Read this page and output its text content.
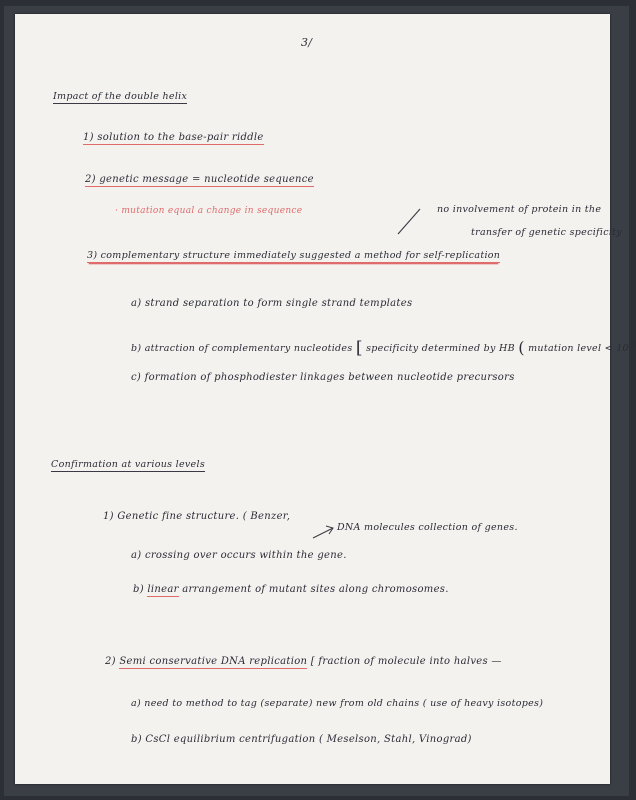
3/
Impact of the double helix
1) solution to the base-pair riddle
2) genetic message = nucleotide sequence
· mutation equal a change in sequence	no involvement of protein in the
transfer of genetic specificity
3) complementary structure immediately suggested a method for self-replication
a) strand separation to form single strand templates
b) attraction of complementary nucleotides [ specificity determined by HB ( mutation level < $10^{-6}$
c) formation of phosphodiester linkages between nucleotide precursors
Confirmation at various levels
1) Genetic fine structure. ( Benzer,
DNA molecules collection of genes.
a) crossing over occurs within the gene.
b) linear arrangement of mutant sites along chromosomes.
2) Semi conservative DNA replication [ fraction of molecule into halves —
a) need to method to tag (separate) new from old chains ( use of heavy isotopes)
b) CsCl equilibrium centrifugation ( Meselson, Stahl, Vinograd)
